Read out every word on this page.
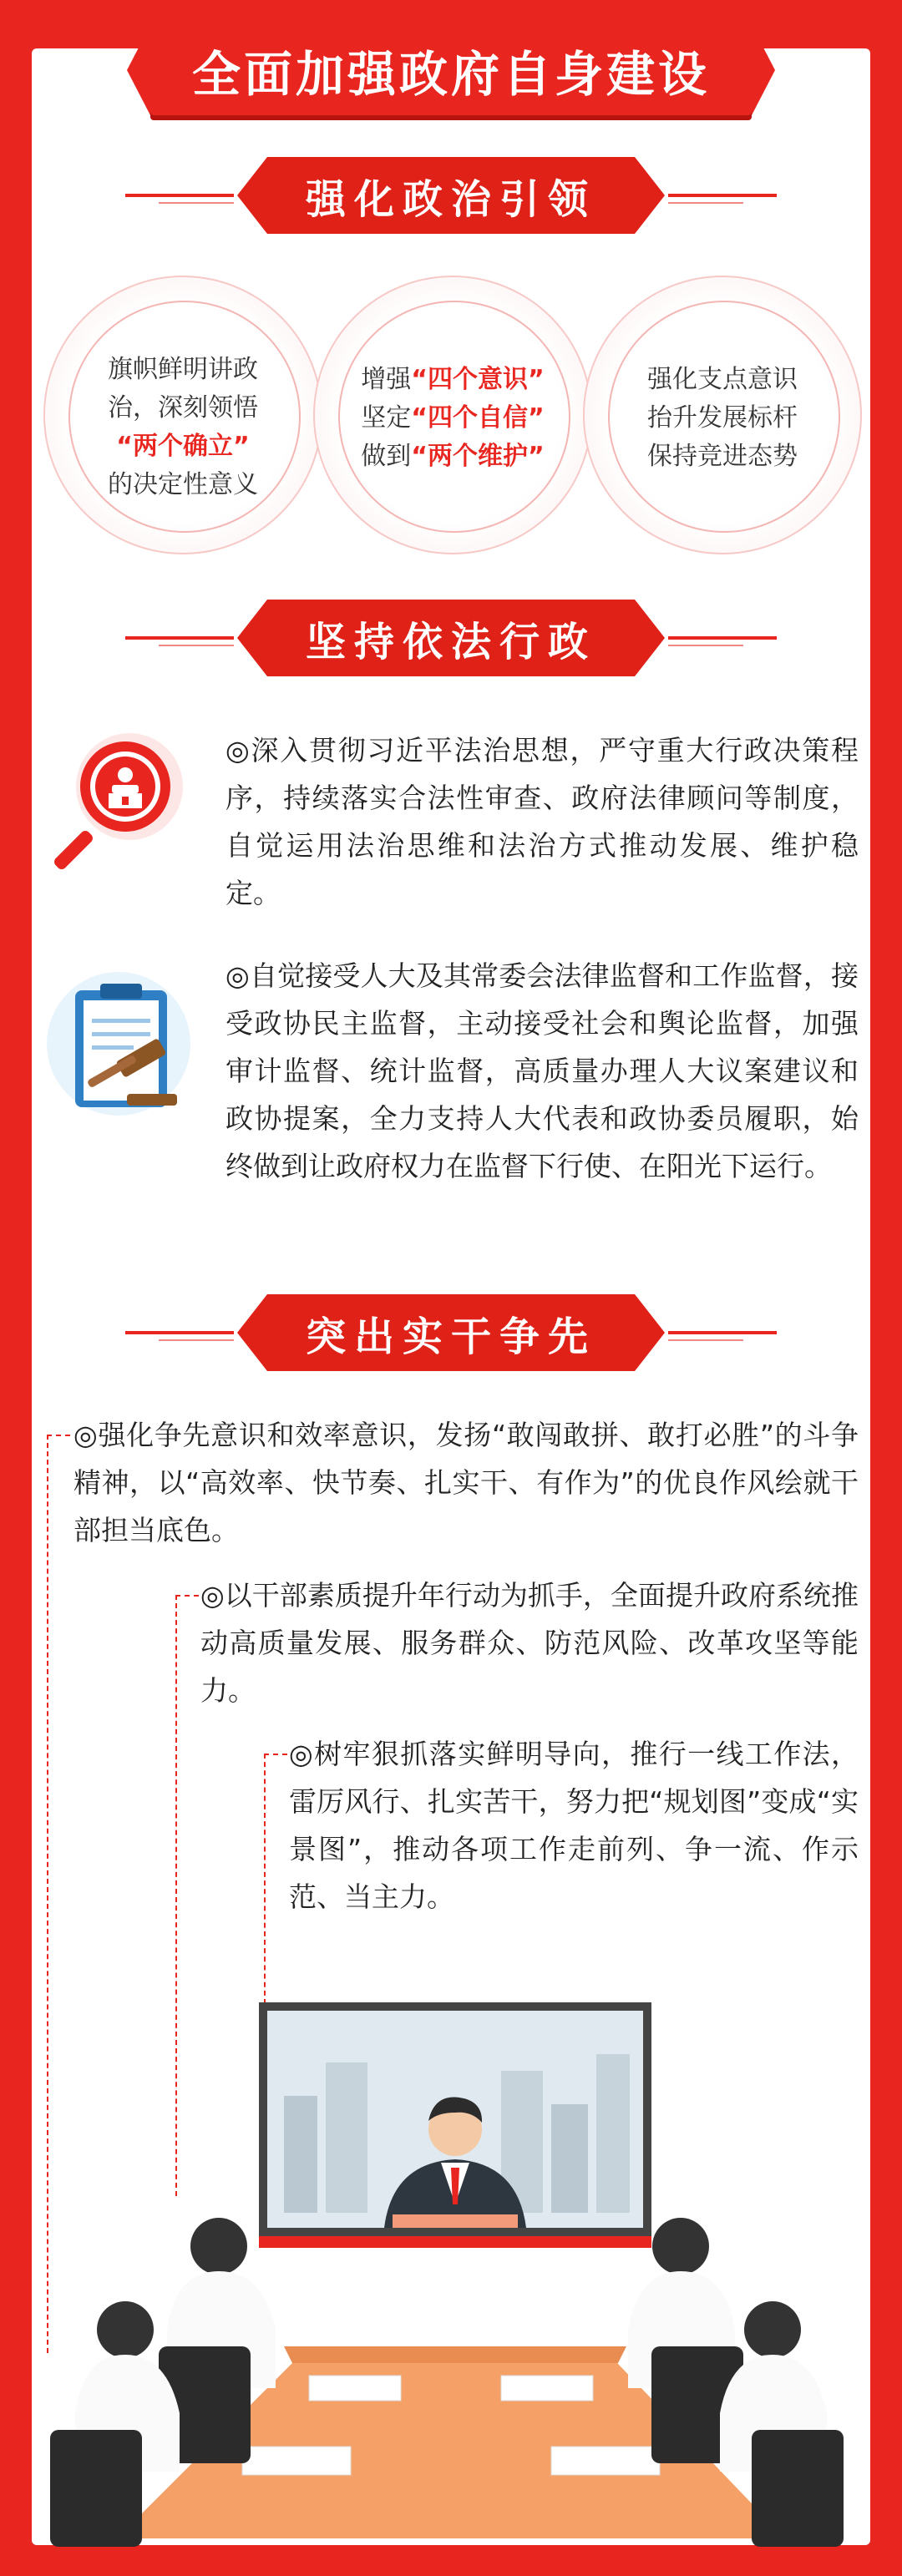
全面加强政府自身建设
强化政治引领
旗帜鲜明讲政
治，深刻领悟
“两个确立”
的决定性意义
增强“四个意识”
坚定“四个自信”
做到“两个维护”
强化支点意识
抬升发展标杆
保持竞进态势
坚持依法行政
◎深入贯彻习近平法治思想，严守重大行政决策程序，持续落实合法性审查、政府法律顾问等制度，自觉运用法治思维和法治方式推动发展、维护稳定。
◎自觉接受人大及其常委会法律监督和工作监督，接受政协民主监督，主动接受社会和舆论监督，加强审计监督、统计监督，高质量办理人大议案建议和政协提案，全力支持人大代表和政协委员履职，始终做到让政府权力在监督下行使、在阳光下运行。
突出实干争先
◎强化争先意识和效率意识，发扬“敢闯敢拼、敢打必胜”的斗争精神，以“高效率、快节奏、扎实干、有作为”的优良作风绘就干部担当底色。
◎以干部素质提升年行动为抓手，全面提升政府系统推动高质量发展、服务群众、防范风险、改革攻坚等能力。
◎树牢狠抓落实鲜明导向，推行一线工作法，雷厉风行、扎实苦干，努力把“规划图”变成“实景图”，推动各项工作走前列、争一流、作示范、当主力。
